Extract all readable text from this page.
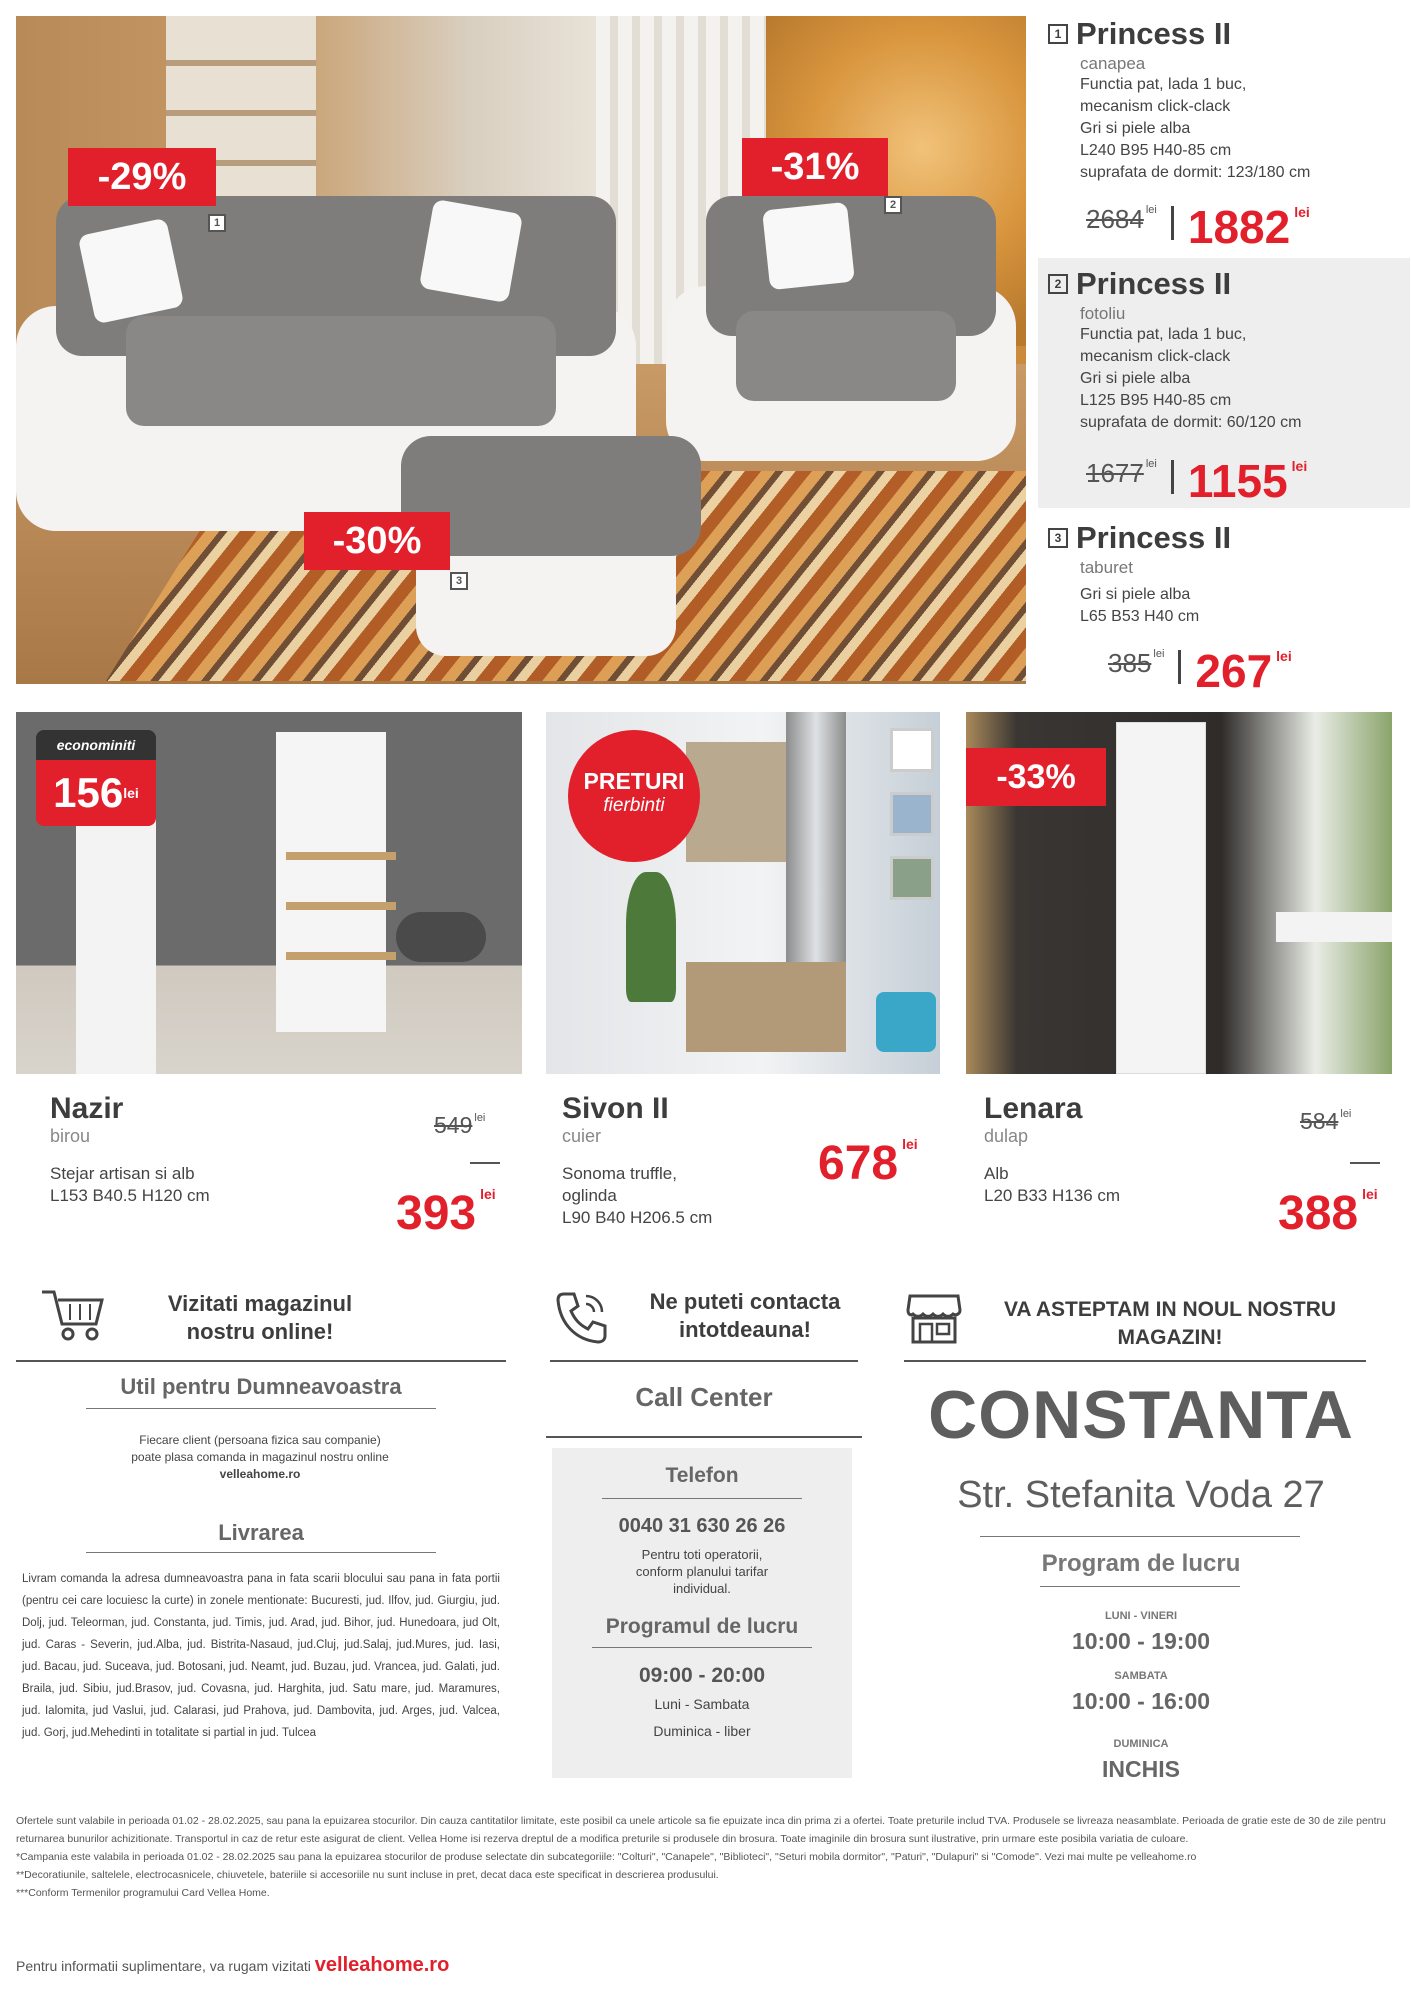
-29%	-31%
-30%
1
2
3
1 Princess II
canapea
Functia pat, lada 1 buc,
mecanism click-clack
Gri si piele alba
L240 B95 H40-85 cm
suprafata de dormit: 123/180 cm
2684 lei 1882 lei
2 Princess II
fotoliu
Functia pat, lada 1 buc,
mecanism click-clack
Gri si piele alba
L125 B95 H40-85 cm
suprafata de dormit: 60/120 cm
1677 lei 1155 lei
3 Princess II
taburet
Gri si piele alba
L65 B53 H40 cm
385 lei 267 lei
econominiti
$156^{lei}$	PRETURI
fierbinti
-33%
Nazir
birou
Stejar artisan si alb
L153 B40.5 H120 cm
549 $^{lei}$
393 lei
Sivon II
cuier
Sonoma truffle,
oglinda
L90 B40 H206.5 cm
678 lei
Lenara
dulap
Alb
L20 B33 H136 cm
584 $^{lei}$
388 lei
Vizitati magazinul
nostru online!
Util pentru Dumneavoastra
Fiecare client (persoana fizica sau companie)
poate plasa comanda in magazinul nostru online
velleahome.ro
Livrarea
Livram comanda la adresa dumneavoastra pana in fata scarii blocului sau pana in fata portii (pentru cei care locuiesc la curte) in zonele mentionate: Bucuresti, jud. Ilfov, jud. Giurgiu, jud. Dolj, jud. Teleorman, jud. Constanta, jud. Timis, jud. Arad, jud. Bihor, jud. Hunedoara, jud Olt, jud. Caras - Severin, jud.Alba, jud. Bistrita-Nasaud, jud.Cluj, jud.Salaj, jud.Mures, jud. Iasi, jud. Bacau, jud. Suceava, jud. Botosani, jud. Neamt, jud. Buzau, jud. Vrancea, jud. Galati, jud. Braila, jud. Sibiu, jud.Brasov, jud. Covasna, jud. Harghita, jud. Satu mare, jud. Maramures, jud. Ialomita, jud Vaslui, jud. Calarasi, jud Prahova, jud. Dambovita, jud. Arges, jud. Valcea, jud. Gorj, jud.Mehedinti in totalitate si partial in jud. Tulcea
Ne puteti contacta
intotdeauna!
Call Center
Telefon
0040 31 630 26 26
Pentru toti operatorii,
conform planului tarifar
individual.
Programul de lucru
09:00 - 20:00
Luni - Sambata
Duminica - liber
VA ASTEPTAM IN NOUL NOSTRU
MAGAZIN!
CONSTANTA
Str. Stefanita Voda 27
Program de lucru
LUNI - VINERI
10:00 - 19:00
SAMBATA
10:00 - 16:00
DUMINICA
INCHIS
Ofertele sunt valabile in perioada 01.02 - 28.02.2025, sau pana la epuizarea stocurilor. Din cauza cantitatilor limitate, este posibil ca unele articole sa fie epuizate inca din prima zi a ofertei. Toate preturile includ TVA. Produsele se livreaza neasamblate. Perioada de gratie este de 30 de zile pentru returnarea bunurilor achizitionate. Transportul in caz de retur este asigurat de client. Vellea Home isi rezerva dreptul de a modifica preturile si produsele din brosura. Toate imaginile din brosura sunt ilustrative, prin urmare este posibila variatia de culoare.
*Campania este valabila in perioada 01.02 - 28.02.2025 sau pana la epuizarea stocurilor de produse selectate din subcategoriile: "Colturi", "Canapele", "Biblioteci", "Seturi mobila dormitor", "Paturi", "Dulapuri" si "Comode". Vezi mai multe pe velleahome.ro
**Decoratiunile, saltelele, electrocasnicele, chiuvetele, bateriile si accesoriile nu sunt incluse in pret, decat daca este specificat in descrierea produsului.
***Conform Termenilor programului Card Vellea Home.
Pentru informatii suplimentare, va rugam vizitati velleahome.ro
